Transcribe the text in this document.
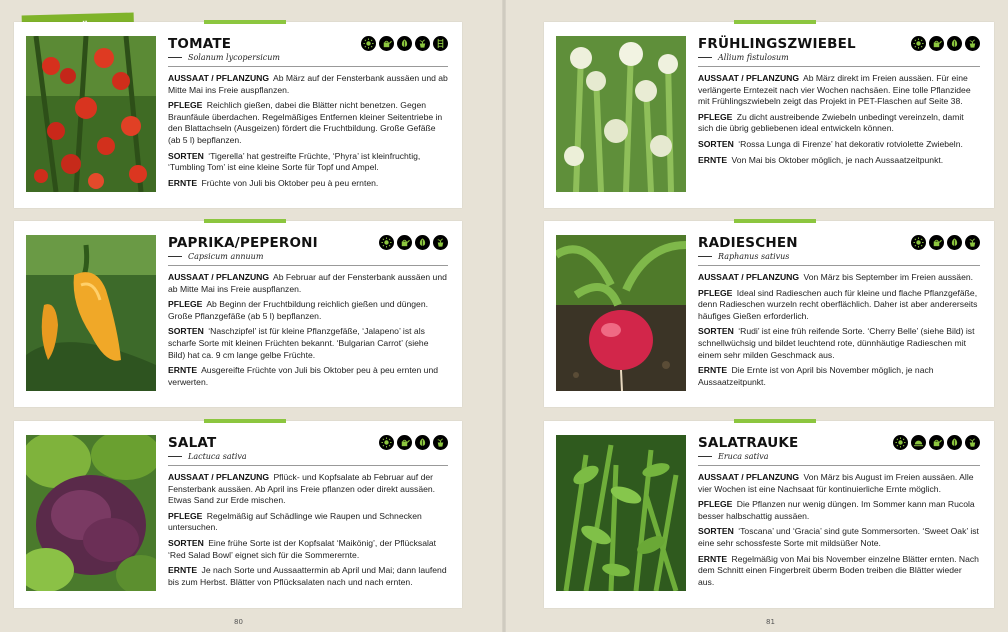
TOMATE
Solanum lycopersicum
AUSSAAT / PFLANZUNG Ab März auf der Fensterbank aussäen und ab Mitte Mai ins Freie auspflanzen.
PFLEGE Reichlich gießen, dabei die Blätter nicht benetzen. Gegen Braunfäule überdachen. Regelmäßiges Entfernen kleiner Seitentriebe in den Blattachseln (Ausgeizen) fördert die Fruchtbildung. Große Gefäße (ab 5 l) bepflanzen.
SORTEN ‘Tigerella’ hat gestreifte Früchte, ‘Phyra’ ist kleinfruchtig, ‘Tumbling Tom’ ist eine kleine Sorte für Topf und Ampel.
ERNTE Früchte von Juli bis Oktober peu à peu ernten.
PAPRIKA/PEPERONI
Capsicum annuum
AUSSAAT / PFLANZUNG Ab Februar auf der Fensterbank aussäen und ab Mitte Mai ins Freie auspflanzen.
PFLEGE Ab Beginn der Fruchtbildung reichlich gießen und düngen. Große Pflanzgefäße (ab 5 l) bepflanzen.
SORTEN ‘Naschzipfel’ ist für kleine Pflanzgefäße, ‘Jalapeno’ ist als scharfe Sorte mit kleinen Früchten bekannt. ‘Bulgarian Carrot’ (siehe Bild) hat ca. 9 cm lange gelbe Früchte.
ERNTE Ausgereifte Früchte von Juli bis Oktober peu à peu ernten und verwerten.
SALAT
Lactuca sativa
AUSSAAT / PFLANZUNG Pflück- und Kopfsalate ab Februar auf der Fensterbank aussäen. Ab April ins Freie pflanzen oder direkt aussäen. Etwas Sand zur Erde mischen.
PFLEGE Regelmäßig auf Schädlinge wie Raupen und Schnecken untersuchen.
SORTEN Eine frühe Sorte ist der Kopfsalat ‘Maikönig’, der Pflücksalat ‘Red Salad Bowl’ eignet sich für die Sommerernte.
ERNTE Je nach Sorte und Aussaattermin ab April und Mai; dann laufend bis zum Herbst. Blätter von Pflücksalaten nach und nach ernten.
FRÜHLINGSZWIEBEL
Allium fistulosum
AUSSAAT / PFLANZUNG Ab März direkt im Freien aussäen. Für eine verlängerte Erntezeit nach vier Wochen nachsäen. Eine tolle Pflanzidee mit Frühlingszwiebeln zeigt das Projekt in PET-Flaschen auf Seite 38.
PFLEGE Zu dicht austreibende Zwiebeln unbedingt vereinzeln, damit sich die übrig gebliebenen ideal entwickeln können.
SORTEN ‘Rossa Lunga di Firenze’ hat dekorativ rotviolette Zwiebeln.
ERNTE Von Mai bis Oktober möglich, je nach Aussaatzeitpunkt.
RADIESCHEN
Raphanus sativus
AUSSAAT / PFLANZUNG Von März bis September im Freien aussäen.
PFLEGE Ideal sind Radieschen auch für kleine und flache Pflanzgefäße, denn Radieschen wurzeln recht oberflächlich. Daher ist aber andererseits häufiges Gießen erforderlich.
SORTEN ‘Rudi’ ist eine früh reifende Sorte. ‘Cherry Belle’ (siehe Bild) ist schnellwüchsig und bildet leuchtend rote, dünnhäutige Radieschen mit einem sehr milden Geschmack aus.
ERNTE Die Ernte ist von April bis November möglich, je nach Aussaatzeitpunkt.
SALATRAUKE
Eruca sativa
AUSSAAT / PFLANZUNG Von März bis August im Freien aussäen. Alle vier Wochen ist eine Nachsaat für kontinuierliche Ernte möglich.
PFLEGE Die Pflanzen nur wenig düngen. Im Sommer kann man Rucola besser halbschattig aussäen.
SORTEN ‘Toscana’ und ‘Gracia’ sind gute Sommersorten. ‘Sweet Oak’ ist eine sehr schossfeste Sorte mit mildsüßer Note.
ERNTE Regelmäßig von Mai bis November einzelne Blätter ernten. Nach dem Schnitt einen Fingerbreit überm Boden treiben die Blätter wieder aus.
80	81
